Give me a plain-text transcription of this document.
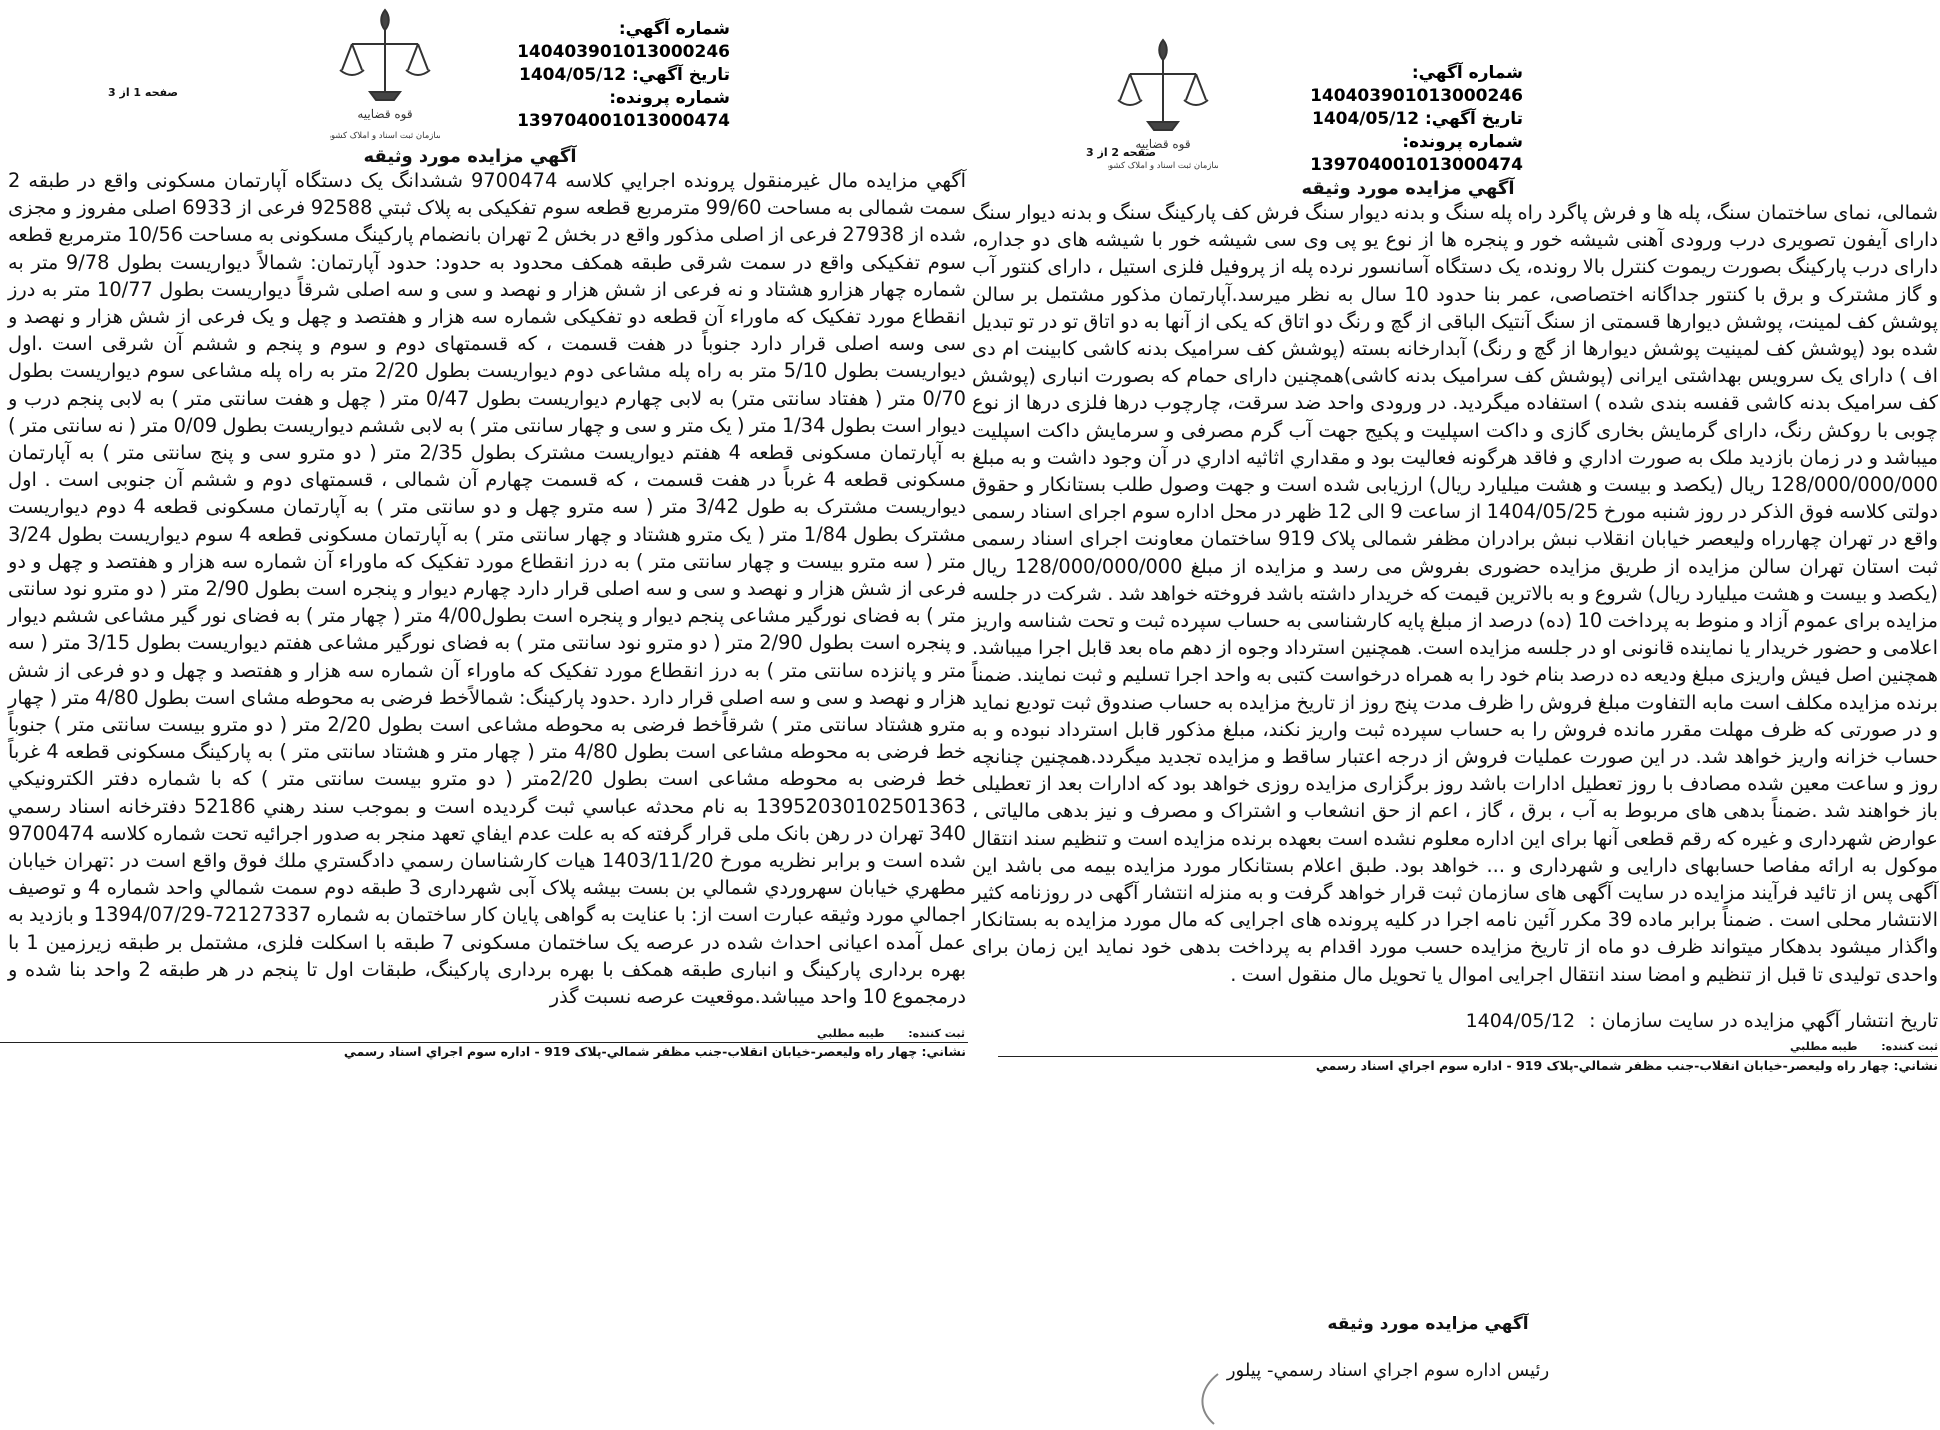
شماره آگهي: 140403901013000246
تاريخ آگهي: 1404/05/12
شماره پرونده: 139704001013000474
قوه قضاييه
سازمان ثبت اسناد و املاک کشور
صفحه 1 از 3
آگهي مزايده مورد وثيقه
آگهي مزايده مال غيرمنقول پرونده اجرايي كلاسه 9700474 ششدانگ يک دستگاه آپارتمان مسکونی واقع در طبقه 2 سمت شمالی به مساحت 99/60 مترمربع قطعه سوم تفکیکی به پلاک ثبتي 92588 فرعی از 6933 اصلی مفروز و مجزی شده از 27938 فرعی از اصلی مذکور واقع در بخش 2 تهران بانضمام پارکینگ مسکونی به مساحت 10/56 مترمربع قطعه سوم تفکیکی واقع در سمت شرقی طبقه همکف محدود به حدود: حدود آپارتمان: شمالاً دیواریست بطول 9/78 متر به شماره چهار هزارو هشتاد و نه فرعی از شش هزار و نهصد و سی و سه اصلی شرقاً دیواریست بطول 10/77 متر به درز انقطاع مورد تفکیک که ماوراء آن قطعه دو تفکیکی شماره سه هزار و هفتصد و چهل و یک فرعی از شش هزار و نهصد و سی وسه اصلی قرار دارد جنوباً در هفت قسمت ، که قسمتهای دوم و سوم و پنجم و ششم آن شرقی است .اول دیواریست بطول 5/10 متر به راه پله مشاعی دوم دیواریست بطول 2/20 متر به راه پله مشاعی سوم دیواریست بطول 0/70 متر ( هفتاد سانتی متر) به لابی چهارم دیواریست بطول 0/47 متر ( چهل و هفت سانتی متر ) به لابی پنجم درب و دیوار است بطول 1/34 متر ( یک متر و سی و چهار سانتی متر ) به لابی ششم دیواریست بطول 0/09 متر ( نه سانتی متر ) به آپارتمان مسکونی قطعه 4 هفتم دیواریست مشترک بطول 2/35 متر ( دو مترو سی و پنج سانتی متر ) به آپارتمان مسکونی قطعه 4 غرباً در هفت قسمت ، که قسمت چهارم آن شمالی ، قسمتهای دوم و ششم آن جنوبی است . اول دیواریست مشترک به طول 3/42 متر ( سه مترو چهل و دو سانتی متر ) به آپارتمان مسکونی قطعه 4 دوم دیواریست مشترک بطول 1/84 متر ( یک مترو هشتاد و چهار سانتی متر ) به آپارتمان مسکونی قطعه 4 سوم دیواریست بطول 3/24 متر ( سه مترو بیست و چهار سانتی متر ) به درز انقطاع مورد تفکیک که ماوراء آن شماره سه هزار و هفتصد و چهل و دو فرعی از شش هزار و نهصد و سی و سه اصلی قرار دارد چهارم دیوار و پنجره است بطول 2/90 متر ( دو مترو نود سانتی متر ) به فضای نورگیر مشاعی پنجم دیوار و پنجره است بطول4/00 متر ( چهار متر ) به فضای نور گیر مشاعی ششم دیوار و پنجره است بطول 2/90 متر ( دو مترو نود سانتی متر ) به فضای نورگیر مشاعی هفتم دیواریست بطول 3/15 متر ( سه متر و پانزده سانتی متر ) به درز انقطاع مورد تفکیک که ماوراء آن شماره سه هزار و هفتصد و چهل و دو فرعی از شش هزار و نهصد و سی و سه اصلی قرار دارد .حدود پارکینگ: شمالاًخط فرضی به محوطه مشای است بطول 4/80 متر ( چهار مترو هشتاد سانتی متر ) شرقاًخط فرضی به محوطه مشاعی است بطول 2/20 متر ( دو مترو بیست سانتی متر ) جنوباً خط فرضی به محوطه مشاعی است بطول 4/80 متر ( چهار متر و هشتاد سانتی متر ) به پارکینگ مسکونی قطعه 4 غرباً خط فرضی به محوطه مشاعی است بطول 2/20متر ( دو مترو بیست سانتی متر ) كه با شماره دفتر الكترونيكي 13952030102501363 به نام محدثه عباسي ثبت گرديده است و بموجب سند رهني 52186 دفترخانه اسناد رسمي 340 تهران در رهن بانک ملی قرار گرفته كه به علت عدم ايفاي تعهد منجر به صدور اجرائيه تحت شماره كلاسه 9700474 شده است و برابر نظريه مورخ 1403/11/20 هيات كارشناسان رسمي دادگستري ملك فوق واقع است در :تهران خيابان مطهري خيابان سهروردي شمالي بن بست بيشه پلاک آبی شهرداری 3 طبقه دوم سمت شمالي واحد شماره 4 و توصيف اجمالي مورد وثيقه عبارت است از: با عنایت به گواهی پایان کار ساختمان به شماره 72127337-1394/07/29 و بازدید به عمل آمده اعیانی احداث شده در عرصه یک ساختمان مسکونی 7 طبقه با اسکلت فلزی، مشتمل بر طبقه زیرزمین 1 با بهره برداری پارکینگ و انباری طبقه همکف با بهره برداری پارکینگ، طبقات اول تا پنجم در هر طبقه 2 واحد بنا شده و درمجموع 10 واحد میباشد.موقعیت عرصه نسبت گذر
ثبت کننده: طيبه مطلبي
نشاني: چهار راه وليعصر-خيابان انقلاب-جنب مظفر شمالي-پلاک 919 - اداره سوم اجراي اسناد رسمي
شماره آگهي: 140403901013000246
تاريخ آگهي: 1404/05/12
شماره پرونده: 139704001013000474
قوه قضاييه
سازمان ثبت اسناد و املاک کشور
صفحه 2 از 3
آگهي مزايده مورد وثيقه
شمالی، نمای ساختمان سنگ، پله ها و فرش پاگرد راه پله سنگ و بدنه دیوار سنگ فرش کف پارکینگ سنگ و بدنه دیوار سنگ دارای آیفون تصویری درب ورودی آهنی شیشه خور و پنجره ها از نوع یو پی وی سی شیشه خور با شیشه های دو جداره، دارای درب پارکینگ بصورت ریموت کنترل بالا رونده، یک دستگاه آسانسور نرده پله از پروفیل فلزی استیل ، دارای کنتور آب و گاز مشترک و برق با کنتور جداگانه اختصاصی، عمر بنا حدود 10 سال به نظر میرسد.آپارتمان مذکور مشتمل بر سالن پوشش کف لمینت، پوشش دیوارها قسمتی از سنگ آنتیک الباقی از گچ و رنگ دو اتاق که یکی از آنها به دو اتاق تو در تو تبدیل شده بود (پوشش کف لمینیت پوشش دیوارها از گچ و رنگ) آبدارخانه بسته (پوشش کف سرامیک بدنه کاشی کابینت ام دی اف ) دارای یک سرویس بهداشتی ایرانی (پوشش کف سرامیک بدنه کاشی)همچنین دارای حمام که بصورت انباری (پوشش کف سرامیک بدنه کاشی قفسه بندی شده ) استفاده میگردید. در ورودی واحد ضد سرقت، چارچوب درها فلزی درها از نوع چوبی با روکش رنگ، دارای گرمایش بخاری گازی و داکت اسپلیت و پکیج جهت آب گرم مصرفی و سرمایش داکت اسپلیت میباشد و در زمان بازدید ملک به صورت اداري و فاقد هرگونه فعاليت بود و مقداري اثاثيه اداري در آن وجود داشت و به مبلغ 128/000/000/000 ريال (يكصد و بيست و هشت ميليارد ريال) ارزيابی شده است و جهت وصول طلب بستانكار و حقوق دولتی كلاسه فوق الذكر در روز شنبه مورخ 1404/05/25 از ساعت 9 الی 12 ظهر در محل اداره سوم اجرای اسناد رسمی واقع در تهران چهارراه وليعصر خيابان انقلاب نبش برادران مظفر شمالی پلاک 919 ساختمان معاونت اجرای اسناد رسمی ثبت استان تهران سالن مزايده از طريق مزايده حضوری بفروش می رسد و مزايده از مبلغ 128/000/000/000 ريال (يكصد و بيست و هشت ميليارد ريال) شروع و به بالاترين قيمت كه خريدار داشته باشد فروخته خواهد شد . شركت در جلسه مزايده برای عموم آزاد و منوط به پرداخت 10 (ده) درصد از مبلغ پايه كارشناسی به حساب سپرده ثبت و تحت شناسه واريز اعلامی و حضور خريدار يا نماينده قانونی او در جلسه مزايده است. همچنين استرداد وجوه از دهم ماه بعد قابل اجرا ميباشد. همچنين اصل فيش واريزی مبلغ وديعه ده درصد بنام خود را به همراه درخواست كتبی به واحد اجرا تسليم و ثبت نمايند. ضمناً برنده مزايده مكلف است مابه التفاوت مبلغ فروش را ظرف مدت پنج روز از تاريخ مزايده به حساب صندوق ثبت توديع نمايد و در صورتی كه ظرف مهلت مقرر مانده فروش را به حساب سپرده ثبت واريز نكند، مبلغ مذكور قابل استرداد نبوده و به حساب خزانه واريز خواهد شد. در اين صورت عمليات فروش از درجه اعتبار ساقط و مزايده تجديد ميگردد.همچنين چنانچه روز و ساعت معين شده مصادف با روز تعطيل ادارات باشد روز برگزاری مزايده روزی خواهد بود كه ادارات بعد از تعطيلی باز خواهند شد .ضمناً بدهی های مربوط به آب ، برق ، گاز ، اعم از حق انشعاب و اشتراک و مصرف و نيز بدهی مالياتی ، عوارض شهرداری و غيره كه رقم قطعی آنها برای اين اداره معلوم نشده است بعهده برنده مزايده است و تنظيم سند انتقال موكول به ارائه مفاصا حسابهای دارايی و شهرداری و ... خواهد بود. طبق اعلام بستانكار مورد مزايده بيمه می باشد اين آگهی پس از تائيد فرآيند مزايده در سايت آگهی های سازمان ثبت قرار خواهد گرفت و به منزله انتشار آگهی در روزنامه كثير الانتشار محلی است . ضمناً برابر ماده 39 مكرر آئين نامه اجرا در كليه پرونده های اجرايی كه مال مورد مزايده به بستانكار واگذار ميشود بدهكار ميتواند ظرف دو ماه از تاريخ مزايده حسب مورد اقدام به پرداخت بدهی خود نمايد اين زمان برای واحدی توليدی تا قبل از تنظيم و امضا سند انتقال اجرايی اموال يا تحويل مال منقول است .
تاريخ انتشار آگهي مزايده در سايت سازمان : 1404/05/12
ثبت کننده: طيبه مطلبي
نشاني: چهار راه وليعصر-خيابان انقلاب-جنب مظفر شمالي-پلاک 919 - اداره سوم اجراي اسناد رسمي
آگهي مزايده مورد وثيقه
رئيس اداره سوم اجراي اسناد رسمي- پيلور
